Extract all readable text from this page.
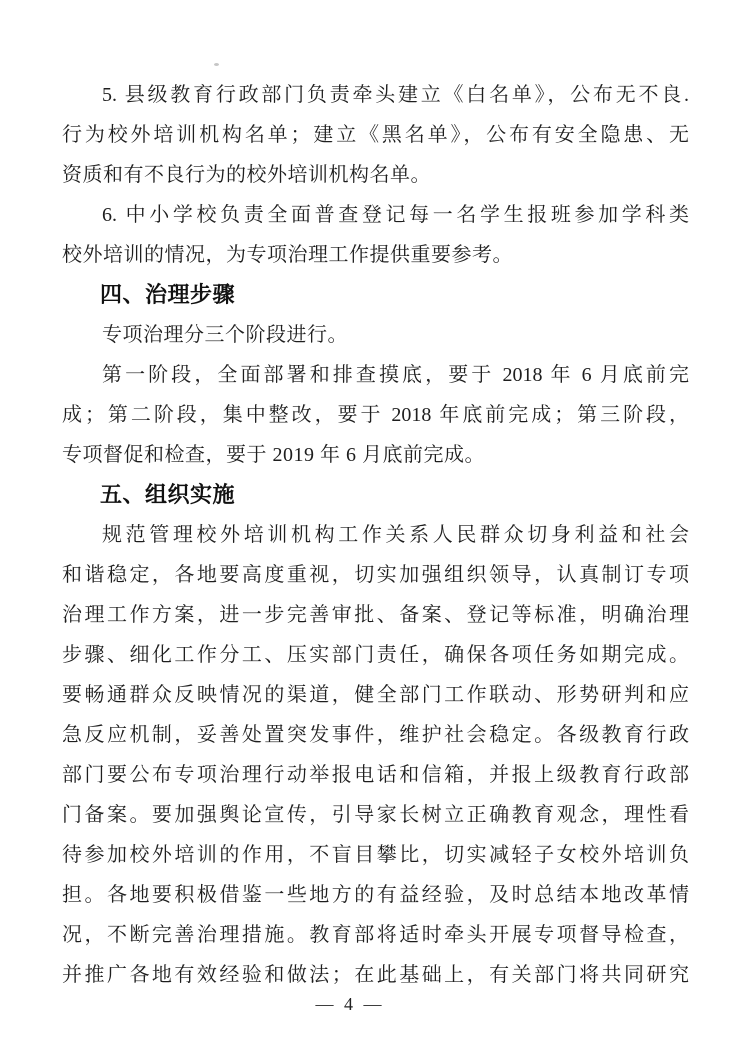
5. 县级教育行政部门负责牵头建立《白名单》，公布无不良.

行为校外培训机构名单；建立《黑名单》，公布有安全隐患、无

资质和有不良行为的校外培训机构名单。

6. 中小学校负责全面普查登记每一名学生报班参加学科类

校外培训的情况，为专项治理工作提供重要参考。

四、治理步骤

专项治理分三个阶段进行。

第一阶段，全面部署和排查摸底，要于 2018 年 6 月底前完

成；第二阶段，集中整改，要于 2018 年底前完成；第三阶段，

专项督促和检查，要于 2019 年 6 月底前完成。

五、组织实施

规范管理校外培训机构工作关系人民群众切身利益和社会

和谐稳定，各地要高度重视，切实加强组织领导，认真制订专项

治理工作方案，进一步完善审批、备案、登记等标准，明确治理

步骤、细化工作分工、压实部门责任，确保各项任务如期完成。

要畅通群众反映情况的渠道，健全部门工作联动、形势研判和应

急反应机制，妥善处置突发事件，维护社会稳定。各级教育行政

部门要公布专项治理行动举报电话和信箱，并报上级教育行政部

门备案。要加强舆论宣传，引导家长树立正确教育观念，理性看

待参加校外培训的作用，不盲目攀比，切实减轻子女校外培训负

担。各地要积极借鉴一些地方的有益经验，及时总结本地改革情

况，不断完善治理措施。教育部将适时牵头开展专项督导检查，

并推广各地有效经验和做法；在此基础上，有关部门将共同研究

— 4 —
